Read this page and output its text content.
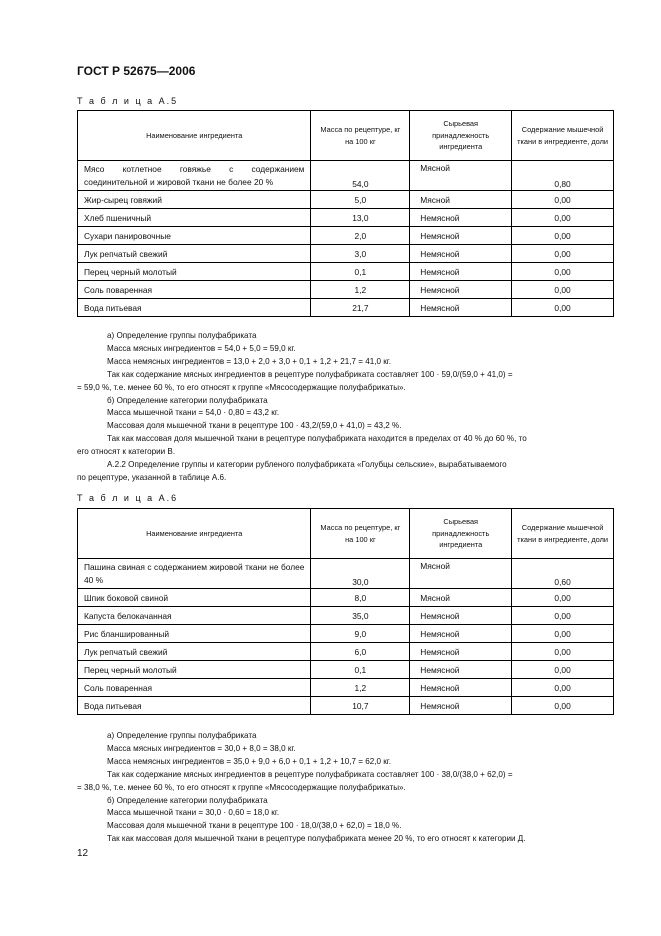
ГОСТ Р 52675—2006
Т а б л и ц а А.5
Наименование ингредиента	Масса по рецептуре, кг на 100 кг	Сырьевая принадлежность ингредиента	Содержание мышечной ткани в ингредиенте, доли
Мясо котлетное говяжье с содержанием соединительной и жировой ткани не более 20 %	54,0	Мясной	0,80
Жир-сырец говяжий	5,0	Мясной	0,00
Хлеб пшеничный	13,0	Немясной	0,00
Сухари панировочные	2,0	Немясной	0,00
Лук репчатый свежий	3,0	Немясной	0,00
Перец черный молотый	0,1	Немясной	0,00
Соль поваренная	1,2	Немясной	0,00
Вода питьевая	21,7	Немясной	0,00
а) Определение группы полуфабриката
Масса мясных ингредиентов = 54,0 + 5,0 = 59,0 кг.
Масса немясных ингредиентов = 13,0 + 2,0 + 3,0 + 0,1 + 1,2 + 21,7 = 41,0 кг.
Так как содержание мясных ингредиентов в рецептуре полуфабриката составляет 100 · 59,0/(59,0 + 41,0) =
= 59,0 %, т.е. менее 60 %, то его относят к группе «Мясосодержащие полуфабрикаты».
б) Определение категории полуфабриката
Масса мышечной ткани = 54,0 · 0,80 = 43,2 кг.
Массовая доля мышечной ткани в рецептуре 100 · 43,2/(59,0 + 41,0) = 43,2 %.
Так как массовая доля мышечной ткани в рецептуре полуфабриката находится в пределах от 40 % до 60 %, то
его относят к категории В.
А.2.2 Определение группы и категории рубленого полуфабриката «Голубцы сельские», вырабатываемого
по рецептуре, указанной в таблице А.6.
Т а б л и ц а А.6
Наименование ингредиента	Масса по рецептуре, кг на 100 кг	Сырьевая принадлежность ингредиента	Содержание мышечной ткани в ингредиенте, доли
Пашина свиная с содержанием жировой ткани не более 40 %	30,0	Мясной	0,60
Шпик боковой свиной	8,0	Мясной	0,00
Капуста белокачанная	35,0	Немясной	0,00
Рис бланшированный	9,0	Немясной	0,00
Лук репчатый свежий	6,0	Немясной	0,00
Перец черный молотый	0,1	Немясной	0,00
Соль поваренная	1,2	Немясной	0,00
Вода питьевая	10,7	Немясной	0,00
а) Определение группы полуфабриката
Масса мясных ингредиентов = 30,0 + 8,0 = 38,0 кг.
Масса немясных ингредиентов = 35,0 + 9,0 + 6,0 + 0,1 + 1,2 + 10,7 = 62,0 кг.
Так как содержание мясных ингредиентов в рецептуре полуфабриката составляет 100 · 38,0/(38,0 + 62,0) =
= 38,0 %, т.е. менее 60 %, то его относят к группе «Мясосодержащие полуфабрикаты».
б) Определение категории полуфабриката
Масса мышечной ткани = 30,0 · 0,60 = 18,0 кг.
Массовая доля мышечной ткани в рецептуре 100 · 18,0/(38,0 + 62,0) = 18,0 %.
Так как массовая доля мышечной ткани в рецептуре полуфабриката менее 20 %, то его относят к категории Д.
12
